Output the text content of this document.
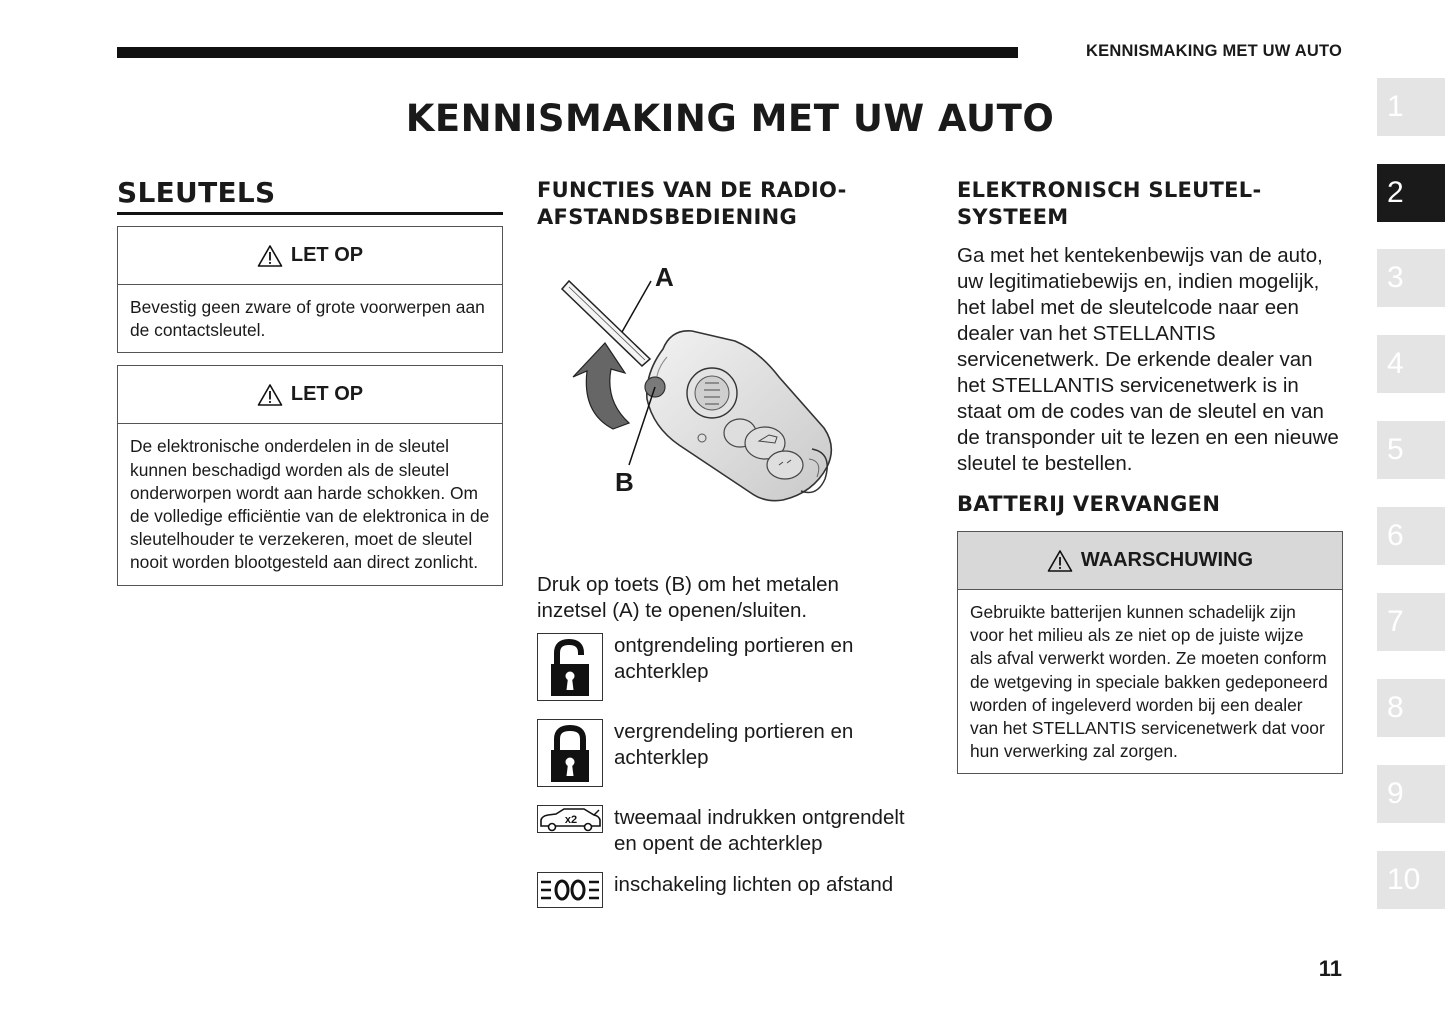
KENNISMAKING MET UW AUTO
KENNISMAKING MET UW AUTO	1
2
3
4
5
6
7
8
9
10
SLEUTELS
LET OP
Bevestig geen zware of grote voorwerpen aan de contactsleutel.
LET OP
De elektronische onderdelen in de sleutel kunnen beschadigd worden als de sleutel onderworpen wordt aan harde schokken. Om de volledige efficiëntie van de elektronica in de sleutelhouder te verzekeren, moet de sleutel nooit worden blootgesteld aan direct zonlicht.
FUNCTIES VAN DE RADIO-
AFSTANDSBEDIENING
A
B

Druk op toets (B) om het metalen inzetsel (A) te openen/sluiten.

ontgrendeling portieren en achterklep
vergrendeling portieren en achterklep
x2 tweemaal indrukken ontgrendelt en opent de achterklep
inschakeling lichten op afstand
ELEKTRONISCH SLEUTEL-
SYSTEEM

Ga met het kentekenbewijs van de auto, uw legitimatiebewijs en, indien mogelijk, het label met de sleutelcode naar een dealer van het STELLANTIS servicenetwerk. De erkende dealer van het STELLANTIS servicenetwerk is in staat om de codes van de sleutel en van de transponder uit te lezen en een nieuwe sleutel te bestellen.

BATTERIJ VERVANGEN
WAARSCHUWING
Gebruikte batterijen kunnen schadelijk zijn voor het milieu als ze niet op de juiste wijze als afval verwerkt worden. Ze moeten conform de wetgeving in speciale bakken gedeponeerd worden of ingeleverd worden bij een dealer van het STELLANTIS servicenetwerk dat voor hun verwerking zal zorgen.
11
